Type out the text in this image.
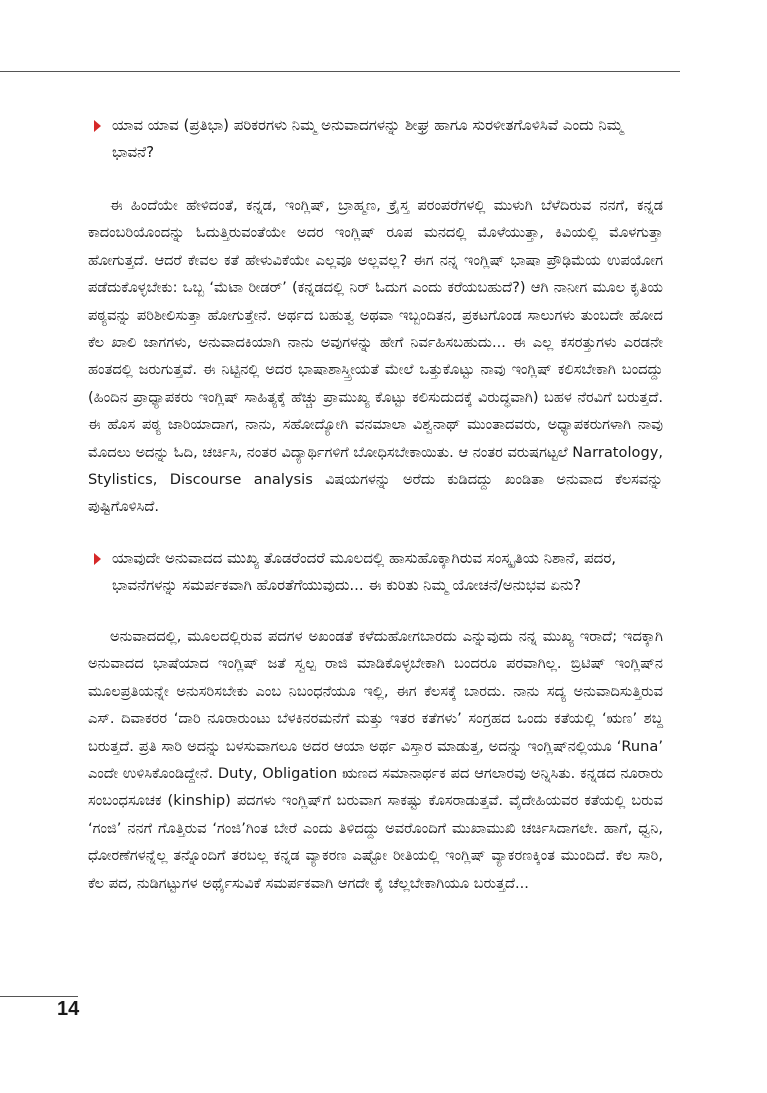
ಯಾವ ಯಾವ (ಪ್ರತಿಭಾ) ಪರಿಕರಗಳು ನಿಮ್ಮ ಅನುವಾದಗಳನ್ನು ಶೀಘ್ರ ಹಾಗೂ ಸುರಳೀತಗೊಳಿಸಿವೆ ಎಂದು ನಿಮ್ಮ ಭಾವನೆ?

ಈ ಹಿಂದೆಯೇ ಹೇಳಿದಂತೆ, ಕನ್ನಡ, ಇಂಗ್ಲಿಷ್, ಬ್ರಾಹ್ಮಣ, ಕ್ರೈಸ್ತ ಪರಂಪರೆಗಳಲ್ಲಿ ಮುಳುಗಿ ಬೆಳೆದಿರುವ ನನಗೆ, ಕನ್ನಡ ಕಾದಂಬರಿಯೊಂದನ್ನು ಓದುತ್ತಿರುವಂತೆಯೇ ಅದರ ಇಂಗ್ಲಿಷ್ ರೂಪ ಮನದಲ್ಲಿ ಮೊಳೆಯುತ್ತಾ, ಕಿವಿಯಲ್ಲಿ ಮೊಳಗುತ್ತಾ ಹೋಗುತ್ತದೆ. ಆದರೆ ಕೇವಲ ಕತೆ ಹೇಳುವಿಕೆಯೇ ಎಲ್ಲವೂ ಅಲ್ಲವಲ್ಲ? ಈಗ ನನ್ನ ಇಂಗ್ಲಿಷ್ ಭಾಷಾ ಪ್ರೌಢಿಮೆಯ ಉಪಯೋಗ ಪಡೆದುಕೊಳ್ಳಬೇಕು: ಒಬ್ಬ ‘ಮೆಟಾ ರೀಡರ್’ (ಕನ್ನಡದಲ್ಲಿ ನಿರ್ ಓದುಗ ಎಂದು ಕರೆಯಬಹುದೆ?) ಆಗಿ ನಾನೀಗ ಮೂಲ ಕೃತಿಯ ಪಠ್ಯವನ್ನು ಪರಿಶೀಲಿಸುತ್ತಾ ಹೋಗುತ್ತೇನೆ. ಅರ್ಥದ ಬಹುತ್ವ ಅಥವಾ ಇಬ್ಬಂದಿತನ, ಪ್ರಕಟಗೊಂಡ ಸಾಲುಗಳು ತುಂಬದೇ ಹೋದ ಕೆಲ ಖಾಲಿ ಜಾಗಗಳು, ಅನುವಾದಕಿಯಾಗಿ ನಾನು ಅವುಗಳನ್ನು ಹೇಗೆ ನಿರ್ವಹಿಸಬಹುದು... ಈ ಎಲ್ಲ ಕಸರತ್ತುಗಳು ಎರಡನೇ ಹಂತದಲ್ಲಿ ಜರುಗುತ್ತವೆ. ಈ ನಿಟ್ಟಿನಲ್ಲಿ ಅದರ ಭಾಷಾಶಾಸ್ತ್ರೀಯತೆ ಮೇಲೆ ಒತ್ತುಕೊಟ್ಟು ನಾವು ಇಂಗ್ಲಿಷ್ ಕಲಿಸಬೇಕಾಗಿ ಬಂದದ್ದು (ಹಿಂದಿನ ಪ್ರಾಧ್ಯಾಪಕರು ಇಂಗ್ಲಿಷ್ ಸಾಹಿತ್ಯಕ್ಕೆ ಹೆಚ್ಚು ಪ್ರಾಮುಖ್ಯ ಕೊಟ್ಟು ಕಲಿಸುದುದಕ್ಕೆ ವಿರುದ್ಧವಾಗಿ) ಬಹಳ ನೆರವಿಗೆ ಬರುತ್ತದೆ. ಈ ಹೊಸ ಪಠ್ಯ ಜಾರಿಯಾದಾಗ, ನಾನು, ಸಹೋದ್ಯೋಗಿ ವನಮಾಲಾ ವಿಶ್ವನಾಥ್ ಮುಂತಾದವರು, ಅಧ್ಯಾಪಕರುಗಳಾಗಿ ನಾವು ಮೊದಲು ಅದನ್ನು ಓದಿ, ಚರ್ಚಿಸಿ, ನಂತರ ವಿದ್ಯಾರ್ಥಿಗಳಿಗೆ ಬೋಧಿಸಬೇಕಾಯಿತು. ಆ ನಂತರ ವರುಷಗಟ್ಟಲೆ Narratology, Stylistics, Discourse analysis ವಿಷಯಗಳನ್ನು ಅರೆದು ಕುಡಿದದ್ದು ಖಂಡಿತಾ ಅನುವಾದ ಕೆಲಸವನ್ನು ಪುಷ್ಟಿಗೊಳಿಸಿದೆ.

ಯಾವುದೇ ಅನುವಾದದ ಮುಖ್ಯ ತೊಡರೆಂದರೆ ಮೂಲದಲ್ಲಿ ಹಾಸುಹೊಕ್ಕಾಗಿರುವ ಸಂಸ್ಕೃತಿಯ ನಿಶಾನೆ, ಪದರ, ಭಾವನೆಗಳನ್ನು ಸಮರ್ಪಕವಾಗಿ ಹೊರತೆಗೆಯುವುದು... ಈ ಕುರಿತು ನಿಮ್ಮ ಯೋಚನೆ/ಅನುಭವ ಏನು?

ಅನುವಾದದಲ್ಲಿ, ಮೂಲದಲ್ಲಿರುವ ಪದಗಳ ಅಖಂಡತೆ ಕಳೆದುಹೋಗಬಾರದು ಎನ್ನುವುದು ನನ್ನ ಮುಖ್ಯ ಇರಾದೆ; ಇದಕ್ಕಾಗಿ ಅನುವಾದದ ಭಾಷೆಯಾದ ಇಂಗ್ಲಿಷ್ ಜತೆ ಸ್ವಲ್ಪ ರಾಜಿ ಮಾಡಿಕೊಳ್ಳಬೇಕಾಗಿ ಬಂದರೂ ಪರವಾಗಿಲ್ಲ. ಬ್ರಿಟಿಷ್ ಇಂಗ್ಲಿಷ್‌ನ ಮೂಲಪ್ರತಿಯನ್ನೇ ಅನುಸರಿಸಬೇಕು ಎಂಬ ನಿಬಂಧನೆಯೂ ಇಲ್ಲಿ, ಈಗ ಕೆಲಸಕ್ಕೆ ಬಾರದು. ನಾನು ಸದ್ಯ ಅನುವಾದಿಸುತ್ತಿರುವ ಎಸ್. ದಿವಾಕರರ ‘ದಾರಿ ನೂರಾರುಂಟು ಬೆಳಕಿನರಮನೆಗೆ ಮತ್ತು ಇತರ ಕತೆಗಳು’ ಸಂಗ್ರಹದ ಒಂದು ಕತೆಯಲ್ಲಿ ‘ಋಣ’ ಶಬ್ದ ಬರುತ್ತದೆ. ಪ್ರತಿ ಸಾರಿ ಅದನ್ನು ಬಳಸುವಾಗಲೂ ಅದರ ಆಯಾ ಅರ್ಥ ವಿಸ್ತಾರ ಮಾಡುತ್ತ, ಅದನ್ನು ಇಂಗ್ಲಿಷ್‌ನಲ್ಲಿಯೂ ‘Runa’ ಎಂದೇ ಉಳಿಸಿಕೊಂಡಿದ್ದೇನೆ. Duty, Obligation ಋಣದ ಸಮಾನಾರ್ಥಕ ಪದ ಆಗಲಾರವು ಅನ್ನಿಸಿತು. ಕನ್ನಡದ ನೂರಾರು ಸಂಬಂಧಸೂಚಕ (kinship) ಪದಗಳು ಇಂಗ್ಲಿಷ್‌ಗೆ ಬರುವಾಗ ಸಾಕಷ್ಟು ಕೊಸರಾಡುತ್ತವೆ. ವೈದೇಹಿಯವರ ಕತೆಯಲ್ಲಿ ಬರುವ ‘ಗಂಜಿ’ ನನಗೆ ಗೊತ್ತಿರುವ ‘ಗಂಜಿ’ಗಿಂತ ಬೇರೆ ಎಂದು ತಿಳಿದದ್ದು ಅವರೊಂದಿಗೆ ಮುಖಾಮುಖಿ ಚರ್ಚಿಸಿದಾಗಲೇ. ಹಾಗೆ, ಧ್ವನಿ, ಧೋರಣೆಗಳನ್ನೆಲ್ಲ ತನ್ನೊಂದಿಗೆ ತರಬಲ್ಲ ಕನ್ನಡ ವ್ಯಾಕರಣ ಎಷ್ಟೋ ರೀತಿಯಲ್ಲಿ ಇಂಗ್ಲಿಷ್ ವ್ಯಾಕರಣಕ್ಕಿಂತ ಮುಂದಿದೆ. ಕೆಲ ಸಾರಿ, ಕೆಲ ಪದ, ನುಡಿಗಟ್ಟುಗಳ ಅರ್ಥೈಸುವಿಕೆ ಸಮರ್ಪಕವಾಗಿ ಆಗದೇ ಕೈ ಚೆಲ್ಲಬೇಕಾಗಿಯೂ ಬರುತ್ತದೆ...

14
